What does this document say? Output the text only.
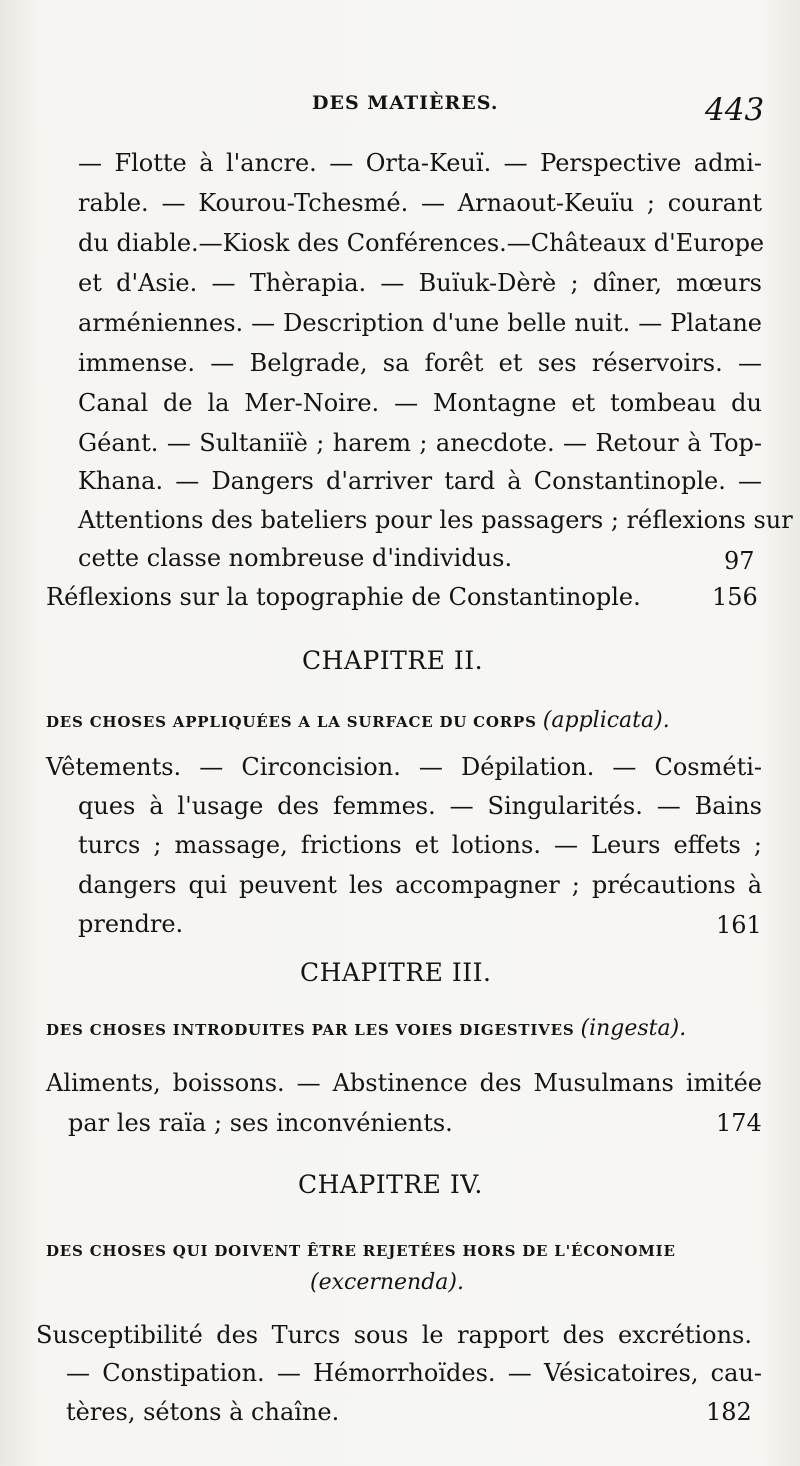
DES MATIÈRES.	443
— Flotte à l'ancre. — Orta-Keuï. — Perspective admi-
rable. — Kourou-Tchesmé. — Arnaout-Keuïu ; courant
du diable.—Kiosk des Conférences.—Châteaux d'Europe
et d'Asie. — Thèrapia. — Buïuk-Dèrè ; dîner, mœurs
arméniennes. — Description d'une belle nuit. — Platane
immense. — Belgrade, sa forêt et ses réservoirs. —
Canal de la Mer-Noire. — Montagne et tombeau du
Géant. — Sultaniïè ; harem ; anecdote. — Retour à Top-
Khana. — Dangers d'arriver tard à Constantinople. —
Attentions des bateliers pour les passagers ; réflexions sur
cette classe nombreuse d'individus.	97
Réflexions sur la topographie de Constantinople.	156
CHAPITRE II.
DES CHOSES APPLIQUÉES A LA SURFACE DU CORPS (applicata).
Vêtements. — Circoncision. — Dépilation. — Cosméti-
ques à l'usage des femmes. — Singularités. — Bains
turcs ; massage, frictions et lotions. — Leurs effets ;
dangers qui peuvent les accompagner ; précautions à
prendre.	161
CHAPITRE III.
DES CHOSES INTRODUITES PAR LES VOIES DIGESTIVES (ingesta).
Aliments, boissons. — Abstinence des Musulmans imitée
par les raïa ; ses inconvénients.	174
CHAPITRE IV.
DES CHOSES QUI DOIVENT ÊTRE REJETÉES HORS DE L'ÉCONOMIE
(excernenda).
Susceptibilité des Turcs sous le rapport des excrétions.
— Constipation. — Hémorrhoïdes. — Vésicatoires, cau-
tères, sétons à chaîne.	182
